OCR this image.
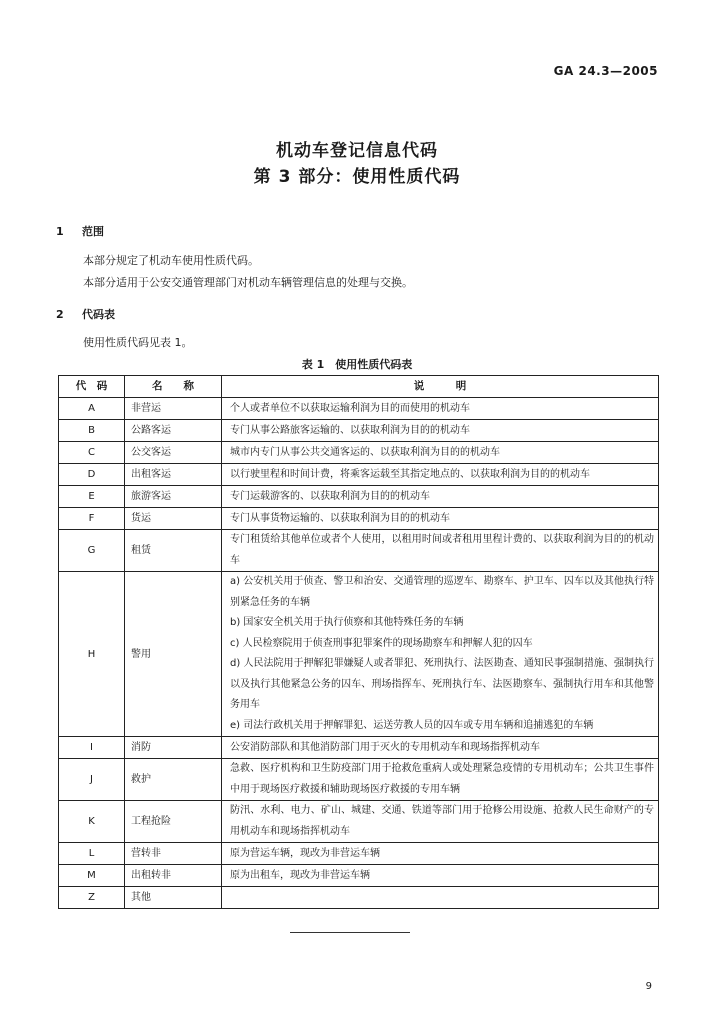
GA 24.3—2005
机动车登记信息代码
第 3 部分：使用性质代码
1 范围
本部分规定了机动车使用性质代码。
本部分适用于公安交通管理部门对机动车辆管理信息的处理与交换。
2 代码表
使用性质代码见表 1。
表 1　使用性质代码表
代　码	名　　称	说　　　明
A	非营运	个人或者单位不以获取运输利润为目的而使用的机动车
B	公路客运	专门从事公路旅客运输的、以获取利润为目的的机动车
C	公交客运	城市内专门从事公共交通客运的、以获取利润为目的的机动车
D	出租客运	以行驶里程和时间计费，将乘客运载至其指定地点的、以获取利润为目的的机动车
E	旅游客运	专门运载游客的、以获取利润为目的的机动车
F	货运	专门从事货物运输的、以获取利润为目的的机动车
G	租赁	专门租赁给其他单位或者个人使用，以租用时间或者租用里程计费的、以获取利润为目的的机动车
H	警用	a) 公安机关用于侦查、警卫和治安、交通管理的巡逻车、勘察车、护卫车、囚车以及其他执行特别紧急任务的车辆
b) 国家安全机关用于执行侦察和其他特殊任务的车辆
c) 人民检察院用于侦查刑事犯罪案件的现场勘察车和押解人犯的囚车
d) 人民法院用于押解犯罪嫌疑人或者罪犯、死刑执行、法医勘查、通知民事强制措施、强制执行以及执行其他紧急公务的囚车、刑场指挥车、死刑执行车、法医勘察车、强制执行用车和其他警务用车
e) 司法行政机关用于押解罪犯、运送劳教人员的囚车或专用车辆和追捕逃犯的车辆

I	消防	公安消防部队和其他消防部门用于灭火的专用机动车和现场指挥机动车
J	救护	急救、医疗机构和卫生防疫部门用于抢救危重病人或处理紧急疫情的专用机动车；公共卫生事件中用于现场医疗救援和辅助现场医疗救援的专用车辆
K	工程抢险	防汛、水利、电力、矿山、城建、交通、铁道等部门用于抢修公用设施、抢救人民生命财产的专用机动车和现场指挥机动车
L	营转非	原为营运车辆，现改为非营运车辆
M	出租转非	原为出租车，现改为非营运车辆
Z	其他	
9
